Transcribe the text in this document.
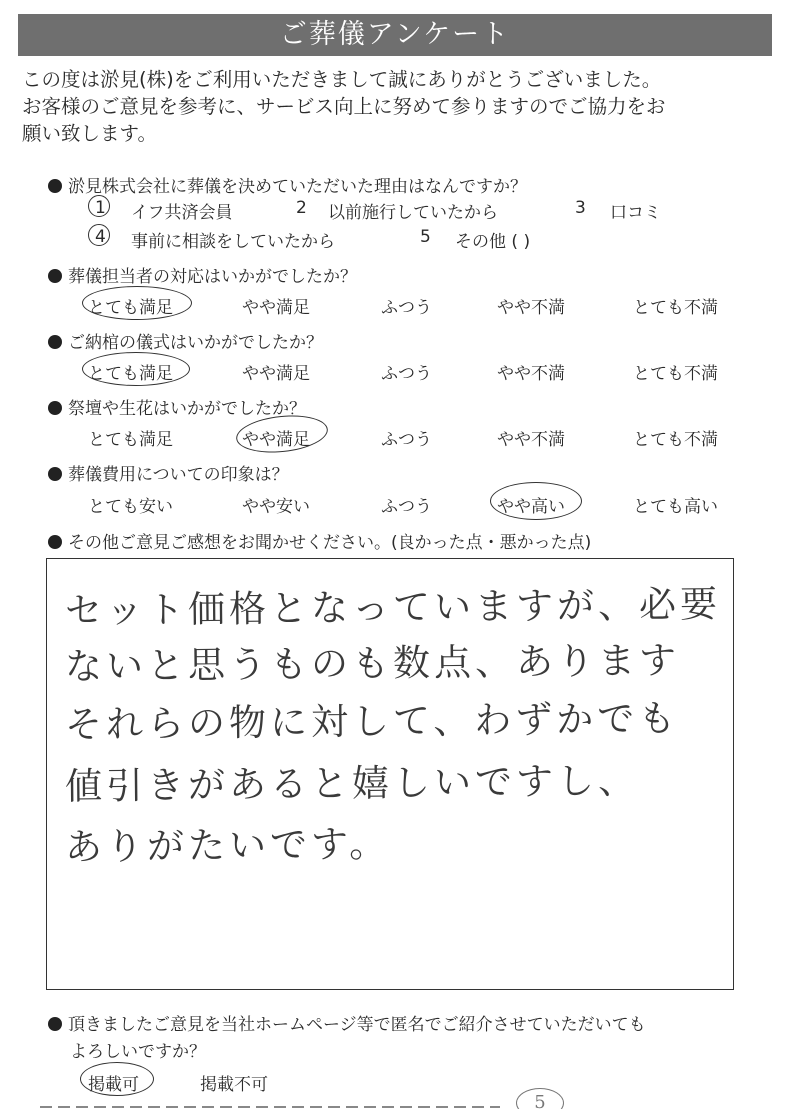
ご葬儀アンケート

この度は淤見(株)をご利用いただきまして誠にありがとうございました。

お客様のご意見を参考に、サービス向上に努めて参りますのでご協力をお

願い致します。

淤見株式会社に葬儀を決めていただいた理由はなんですか？
1 イフ共済会員	2 以前施行していたから	3 口コミ
4 事前に相談をしていたから	5 その他 ( )
葬儀担当者の対応はいかがでしたか？
とても満足	やや満足	ふつう	やや不満	とても不満
ご納棺の儀式はいかがでしたか？
とても満足	やや満足	ふつう	やや不満	とても不満
祭壇や生花はいかがでしたか？
とても満足	やや満足	ふつう	やや不満	とても不満
葬儀費用についての印象は？
とても安い	やや安い	ふつう	やや高い	とても高い
その他ご意見ご感想をお聞かせください。(良かった点・悪かった点)
セット価格となっていますが、必要
ないと思うものも数点、あります
それらの物に対して、わずかでも
値引きがあると嬉しいですし、
ありがたいです。
頂きましたご意見を当社ホームページ等で匿名でご紹介させていただいても
よろしいですか？
掲載可	掲載不可
5
